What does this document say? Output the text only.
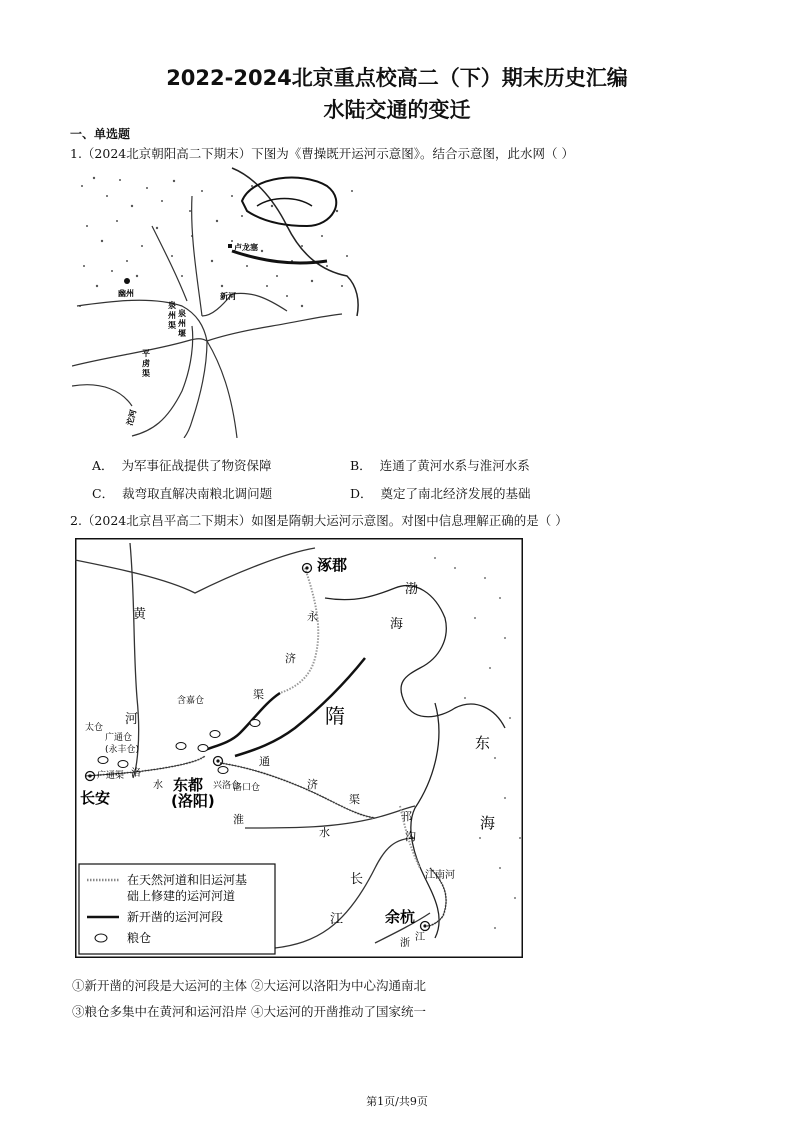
2022-2024北京重点校高二（下）期末历史汇编
水陆交通的变迁
一、单选题
1.（2024北京朝阳高二下期末）下图为《曹操既开运河示意图》。结合示意图，此水网（ ）
卢龙塞
幽州	新河
泉
州
渠
泉
州
堰
平
虏
渠
沱河
A． 为军事征战提供了物资保障	B． 连通了黄河水系与淮河水系
C． 裁弯取直解决南粮北调问题	D． 奠定了南北经济发展的基础
2.（2024北京昌平高二下期末）如图是隋朝大运河示意图。对图中信息理解正确的是（ ）
涿郡
长安
东都
(洛阳)
余杭
渤
海
黄
河
永
济
渠
隋
东
海
通
济
渠
淮
水
邗
沟
长
江
江南河
浙
江
洛
水
含嘉仓
太仓
广通仓
(永丰仓)
广通渠
兴洛仓
洛口仓
在天然河道和旧运河基
础上修建的运河河道
新开凿的运河河段
粮仓
①新开凿的河段是大运河的主体 ②大运河以洛阳为中心沟通南北
③粮仓多集中在黄河和运河沿岸 ④大运河的开凿推动了国家统一
第1页/共9页
